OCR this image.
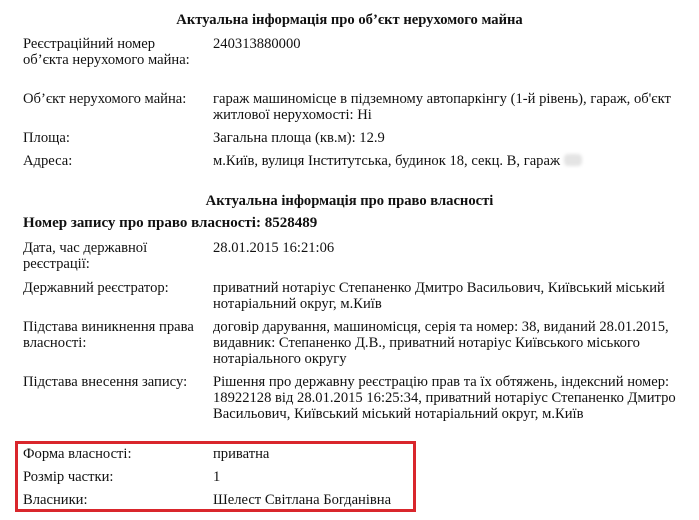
Актуальна інформація про об’єкт нерухомого майна
Реєстраційний номер об’єкта нерухомого майна:
240313880000
Об’єкт нерухомого майна:	гараж машиномісце в підземному автопаркінгу (1-й рівень), гараж, об'єкт житлової нерухомості: Ні
Площа:	Загальна площа (кв.м): 12.9
Адреса:	м.Київ, вулиця Інститутська, будинок 18, секц. В, гараж
Актуальна інформація про право власності
Номер запису про право власності: 8528489
Дата, час державної реєстрації:
28.01.2015 16:21:06
Державний реєстратор:	приватний нотаріус Степаненко Дмитро Васильович, Київський міський нотаріальний округ, м.Київ
Підстава виникнення права власності:
договір дарування, машиномісця, серія та номер: 38, виданий 28.01.2015, видавник: Степаненко Д.В., приватний нотаріус Київського міського нотаріального округу
Підстава внесення запису:	Рішення про державну реєстрацію прав та їх обтяжень, індексний номер: 18922128 від 28.01.2015 16:25:34, приватний нотаріус Степаненко Дмитро Васильович, Київський міський нотаріальний округ, м.Київ
Форма власності:	приватна
Розмір частки:	1
Власники:	Шелест Світлана Богданівна
